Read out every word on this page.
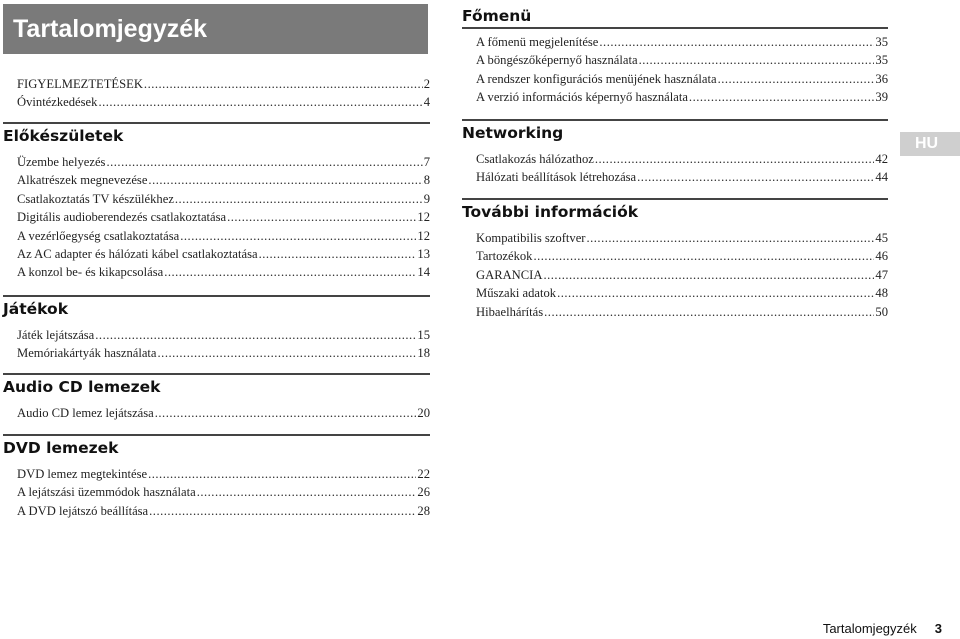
Tartalomjegyzék
FIGYELMEZTETÉSEK .....	2
Óvintézkedések .....	4
Előkészületek
Üzembe helyezés .....	7
Alkatrészek megnevezése .....	8
Csatlakoztatás TV készülékhez .....	9
Digitális audioberendezés csatlakoztatása .....	12
A vezérlőegység csatlakoztatása .....	12
Az AC adapter és hálózati kábel csatlakoztatása .....	13
A konzol be- és kikapcsolása .....	14
Játékok
Játék lejátszása .....	15
Memóriakártyák használata .....	18
Audio CD lemezek
Audio CD lemez lejátszása .....	20
DVD lemezek
DVD lemez megtekintése .....	22
A lejátszási üzemmódok használata .....	26
A DVD lejátszó beállítása .....	28
Főmenü
A főmenü megjelenítése .....	35
A böngészőképernyő használata .....	35
A rendszer konfigurációs menüjének használata .....	36
A verzió információs képernyő használata .....	39
Networking
Csatlakozás hálózathoz .....	42
Hálózati beállítások létrehozása .....	44
További információk
Kompatibilis szoftver .....	45
Tartozékok .....	46
GARANCIA .....	47
Műszaki adatok .....	48
Hibaelhárítás .....	50
HU
Tartalomjegyzék 3
